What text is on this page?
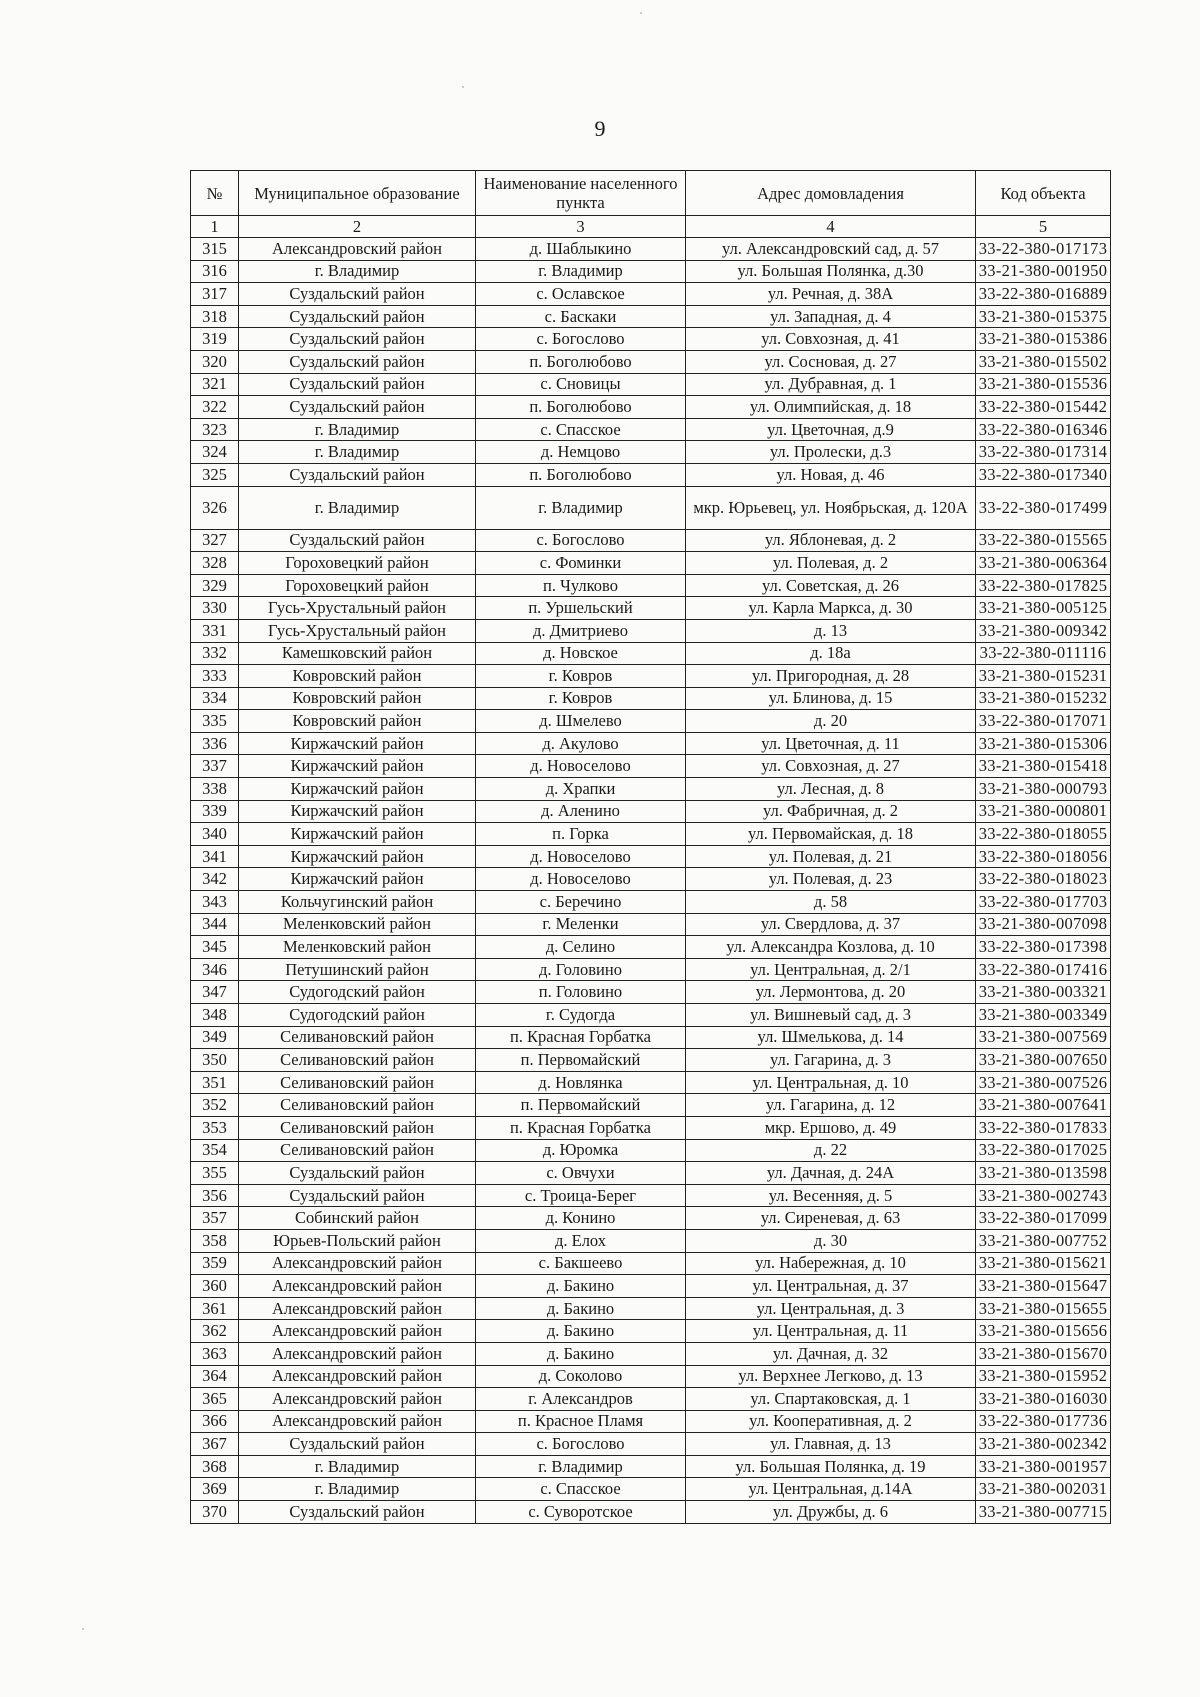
9
№	Муниципальное образование	Наименование населенного пункта	Адрес домовладения	Код объекта
1	2	3	4	5
315	Александровский район	д. Шаблыкино	ул. Александровский сад, д. 57	33-22-380-017173
316	г. Владимир	г. Владимир	ул. Большая Полянка, д.30	33-21-380-001950
317	Суздальский район	с. Ославское	ул. Речная, д. 38А	33-22-380-016889
318	Суздальский район	с. Баскаки	ул. Западная, д. 4	33-21-380-015375
319	Суздальский район	с. Богослово	ул. Совхозная, д. 41	33-21-380-015386
320	Суздальский район	п. Боголюбово	ул. Сосновая, д. 27	33-21-380-015502
321	Суздальский район	с. Сновицы	ул. Дубравная, д. 1	33-21-380-015536
322	Суздальский район	п. Боголюбово	ул. Олимпийская, д. 18	33-22-380-015442
323	г. Владимир	с. Спасское	ул. Цветочная, д.9	33-22-380-016346
324	г. Владимир	д. Немцово	ул. Пролески, д.3	33-22-380-017314
325	Суздальский район	п. Боголюбово	ул. Новая, д. 46	33-22-380-017340
326	г. Владимир	г. Владимир	мкр. Юрьевец, ул. Ноябрьская, д. 120А	33-22-380-017499
327	Суздальский район	с. Богослово	ул. Яблоневая, д. 2	33-22-380-015565
328	Гороховецкий район	с. Фоминки	ул. Полевая, д. 2	33-21-380-006364
329	Гороховецкий район	п. Чулково	ул. Советская, д. 26	33-22-380-017825
330	Гусь-Хрустальный район	п. Уршельский	ул. Карла Маркса, д. 30	33-21-380-005125
331	Гусь-Хрустальный район	д. Дмитриево	д. 13	33-21-380-009342
332	Камешковский район	д. Новское	д. 18а	33-22-380-011116
333	Ковровский район	г. Ковров	ул. Пригородная, д. 28	33-21-380-015231
334	Ковровский район	г. Ковров	ул. Блинова, д. 15	33-21-380-015232
335	Ковровский район	д. Шмелево	д. 20	33-22-380-017071
336	Киржачский район	д. Акулово	ул. Цветочная, д. 11	33-21-380-015306
337	Киржачский район	д. Новоселово	ул. Совхозная, д. 27	33-21-380-015418
338	Киржачский район	д. Храпки	ул. Лесная, д. 8	33-21-380-000793
339	Киржачский район	д. Аленино	ул. Фабричная, д. 2	33-21-380-000801
340	Киржачский район	п. Горка	ул. Первомайская, д. 18	33-22-380-018055
341	Киржачский район	д. Новоселово	ул. Полевая, д. 21	33-22-380-018056
342	Киржачский район	д. Новоселово	ул. Полевая, д. 23	33-22-380-018023
343	Кольчугинский район	с. Беречино	д. 58	33-22-380-017703
344	Меленковский район	г. Меленки	ул. Свердлова, д. 37	33-21-380-007098
345	Меленковский район	д. Селино	ул. Александра Козлова, д. 10	33-22-380-017398
346	Петушинский район	д. Головино	ул. Центральная, д. 2/1	33-22-380-017416
347	Судогодский район	п. Головино	ул. Лермонтова, д. 20	33-21-380-003321
348	Судогодский район	г. Судогда	ул. Вишневый сад, д. 3	33-21-380-003349
349	Селивановский район	п. Красная Горбатка	ул. Шмелькова, д. 14	33-21-380-007569
350	Селивановский район	п. Первомайский	ул. Гагарина, д. 3	33-21-380-007650
351	Селивановский район	д. Новлянка	ул. Центральная, д. 10	33-21-380-007526
352	Селивановский район	п. Первомайский	ул. Гагарина, д. 12	33-21-380-007641
353	Селивановский район	п. Красная Горбатка	мкр. Ершово, д. 49	33-22-380-017833
354	Селивановский район	д. Юромка	д. 22	33-22-380-017025
355	Суздальский район	с. Овчухи	ул. Дачная, д. 24А	33-21-380-013598
356	Суздальский район	с. Троица-Берег	ул. Весенняя, д. 5	33-21-380-002743
357	Собинский район	д. Конино	ул. Сиреневая, д. 63	33-22-380-017099
358	Юрьев-Польский район	д. Елох	д. 30	33-21-380-007752
359	Александровский район	с. Бакшеево	ул. Набережная, д. 10	33-21-380-015621
360	Александровский район	д. Бакино	ул. Центральная, д. 37	33-21-380-015647
361	Александровский район	д. Бакино	ул. Центральная, д. 3	33-21-380-015655
362	Александровский район	д. Бакино	ул. Центральная, д. 11	33-21-380-015656
363	Александровский район	д. Бакино	ул. Дачная, д. 32	33-21-380-015670
364	Александровский район	д. Соколово	ул. Верхнее Легково, д. 13	33-21-380-015952
365	Александровский район	г. Александров	ул. Спартаковская, д. 1	33-21-380-016030
366	Александровский район	п. Красное Пламя	ул. Кооперативная, д. 2	33-22-380-017736
367	Суздальский район	с. Богослово	ул. Главная, д. 13	33-21-380-002342
368	г. Владимир	г. Владимир	ул. Большая Полянка, д. 19	33-21-380-001957
369	г. Владимир	с. Спасское	ул. Центральная, д.14А	33-21-380-002031
370	Суздальский район	с. Суворотское	ул. Дружбы, д. 6	33-21-380-007715
